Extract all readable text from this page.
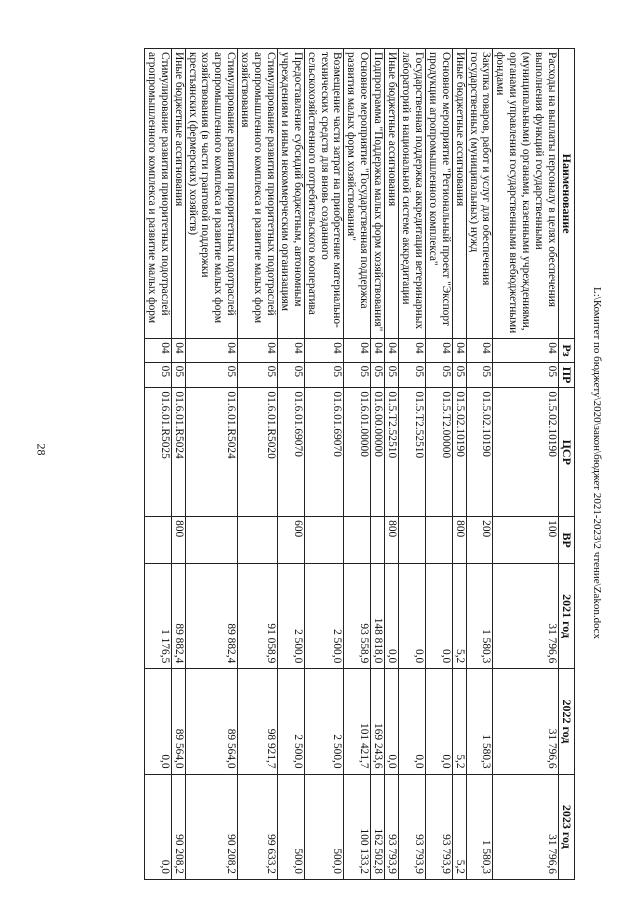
28
Наименование	Рз	ПР	ЦСР	ВР	2021 год	2022 год	2023 год
Расходы на выплаты персоналу в целях обеспечения выполнения функций государственными (муниципальными) органами, казенными учреждениями, органами управления государственными внебюджетными фондами	04	05	01.5.02.10190	100	31 796,6	31 796,6	31 796,6
Закупка товаров, работ и услуг для обеспечения государственных (муниципальных) нужд	04	05	01.5.02.10190	200	1 580,3	1 580,3	1 580,3
Иные бюджетные ассигнования	04	05	01.5.02.10190	800	5,2	5,2	5,2
Основное мероприятие "Региональный проект "Экспорт продукции агропромышленного комплекса"	04	05	01.5.Т2.00000		0,0	0,0	93 793,9
Государственная поддержка аккредитации ветеринарных лабораторий в национальной системе аккредитации	04	05	01.5.Т2.52510		0,0	0,0	93 793,9
Иные бюджетные ассигнования	04	05	01.5.Т2.52510	800	0,0	0,0	93 793,9
Подпрограмма "Поддержка малых форм хозяйствования"	04	05	01.6.00.00000		148 818,0	169 243,6	162 502,8
Основное мероприятие "Государственная поддержка развития малых форм хозяйствования"	04	05	01.6.01.00000		93 558,9	101 421,7	100 133,2
Возмещение части затрат на приобретение материально-технических средств для вновь созданного сельскохозяйственного потребительского кооператива	04	05	01.6.01.69070		2 500,0	2 500,0	500,0
Предоставление субсидий бюджетным, автономным учреждениям и иным некоммерческим организациям	04	05	01.6.01.69070	600	2 500,0	2 500,0	500,0
Стимулирование развития приоритетных подотраслей агропромышленного комплекса и развитие малых форм хозяйствования	04	05	01.6.01.R5020		91 058,9	98 921,7	99 633,2
Стимулирование развития приоритетных подотраслей агропромышленного комплекса и развитие малых форм хозяйствования (в части грантовой поддержки крестьянских (фермерских) хозяйств)	04	05	01.6.01.R5024		89 882,4	89 564,0	90 208,2
Иные бюджетные ассигнования	04	05	01.6.01.R5024	800	89 882,4	89 564,0	90 208,2
Стимулирование развития приоритетных подотраслей агропромышленного комплекса и развитие малых форм	04	05	01.6.01.R5025		1 176,5	0,0	0,0
L:\Комитет по бюджету\2020\закон\бюджет 2021-2023\2 чтение\Zakon.docx
